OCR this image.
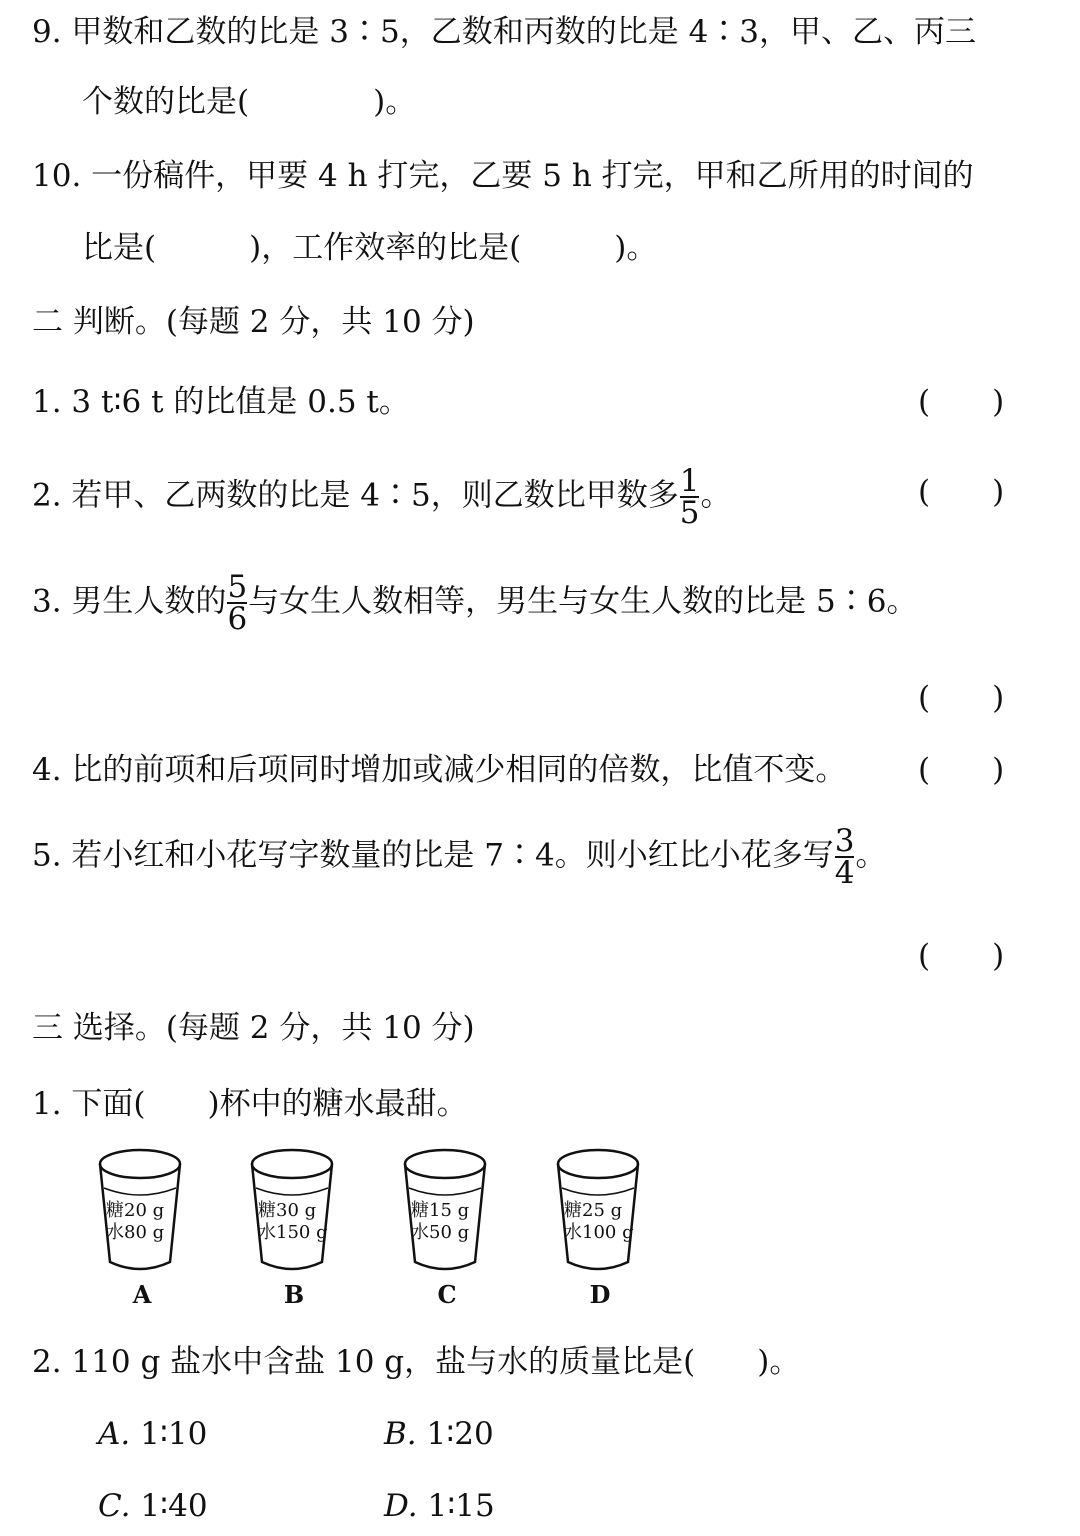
9. 甲数和乙数的比是 3∶5，乙数和丙数的比是 4∶3，甲、乙、丙三
个数的比是(　　　　)。
10. 一份稿件，甲要 4 h 打完，乙要 5 h 打完，甲和乙所用的时间的
比是(　　　)，工作效率的比是(　　　)。
二 判断。(每题 2 分，共 10 分)
1. 3 t∶6 t 的比值是 0.5 t。	(　　)
2. 若甲、乙两数的比是 4∶5，则乙数比甲数多 $\frac{1}{5}$ 。	(　　)
3. 男生人数的 $\frac{5}{6}$ 与女生人数相等，男生与女生人数的比是 5∶6。
(　　)
4. 比的前项和后项同时增加或减少相同的倍数，比值不变。 (　　)
5. 若小红和小花写字数量的比是 7∶4。则小红比小花多写 $\frac{3}{4}$ 。
(　　)
三 选择。(每题 2 分，共 10 分)
1. 下面(　　)杯中的糖水最甜。
糖20 g
水80 g
A
糖30 g
水150 g
B
糖15 g
水50 g
C
糖25 g
水100 g
D
2. 110 g 盐水中含盐 10 g，盐与水的质量比是(　　)。
A. 1∶10	B. 1∶20
C. 1∶40	D. 1∶15
